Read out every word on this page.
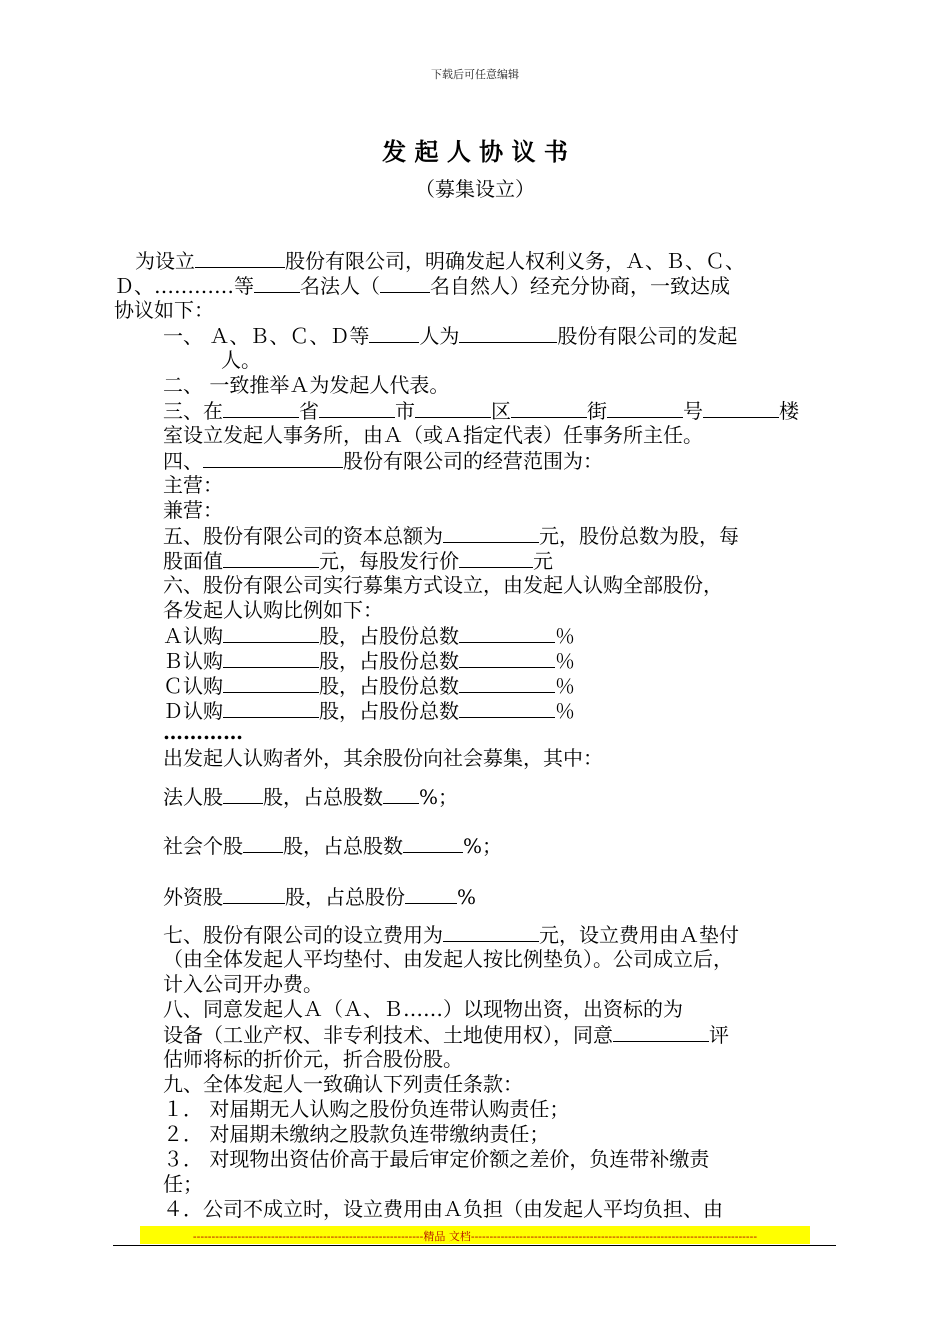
下载后可任意编辑
发 起 人 协 议 书
（募集设立）
为设立	股份有限公司，明确发起人权利义务，Ａ、Ｂ、Ｃ、
Ｄ、…………等 名法人（	名自然人）经充分协商，一致达成
协议如下：
一、 Ａ、Ｂ、Ｃ、Ｄ等	人为	股份有限公司的发起
人。
二、 一致推举Ａ为发起人代表。
三、在	省	市	区	街	号	楼
室设立发起人事务所，由Ａ（或Ａ指定代表）任事务所主任。
四、	股份有限公司的经营范围为：
主营：
兼营：
五、股份有限公司的资本总额为	元，股份总数为股，每
股面值	元，每股发行价	元
六、股份有限公司实行募集方式设立，由发起人认购全部股份，
各发起人认购比例如下：
Ａ认购	股，占股份总数	％
Ｂ认购	股，占股份总数	％
Ｃ认购	股，占股份总数	％
Ｄ认购	股，占股份总数	％
…………
出发起人认购者外，其余股份向社会募集，其中：
法人股 股，占总股数 %；
社会个股 股，占总股数	%；
外资股	股，占总股份	%
七、股份有限公司的设立费用为	元，设立费用由Ａ垫付
（由全体发起人平均垫付、由发起人按比例垫负）。公司成立后，
计入公司开办费。
八、同意发起人Ａ（Ａ、Ｂ……）以现物出资，出资标的为
设备（工业产权、非专利技术、土地使用权），同意	评
估师将标的折价元，折合股份股。
九、全体发起人一致确认下列责任条款：
１． 对届期无人认购之股份负连带认购责任；
２． 对届期未缴纳之股款负连带缴纳责任；
３． 对现物出资估价高于最后审定价额之差价，负连带补缴责
任；
４．公司不成立时，设立费用由Ａ负担（由发起人平均负担、由
--------------------------------------------------------------精品 文档-----------------------------------------------------------------------------
